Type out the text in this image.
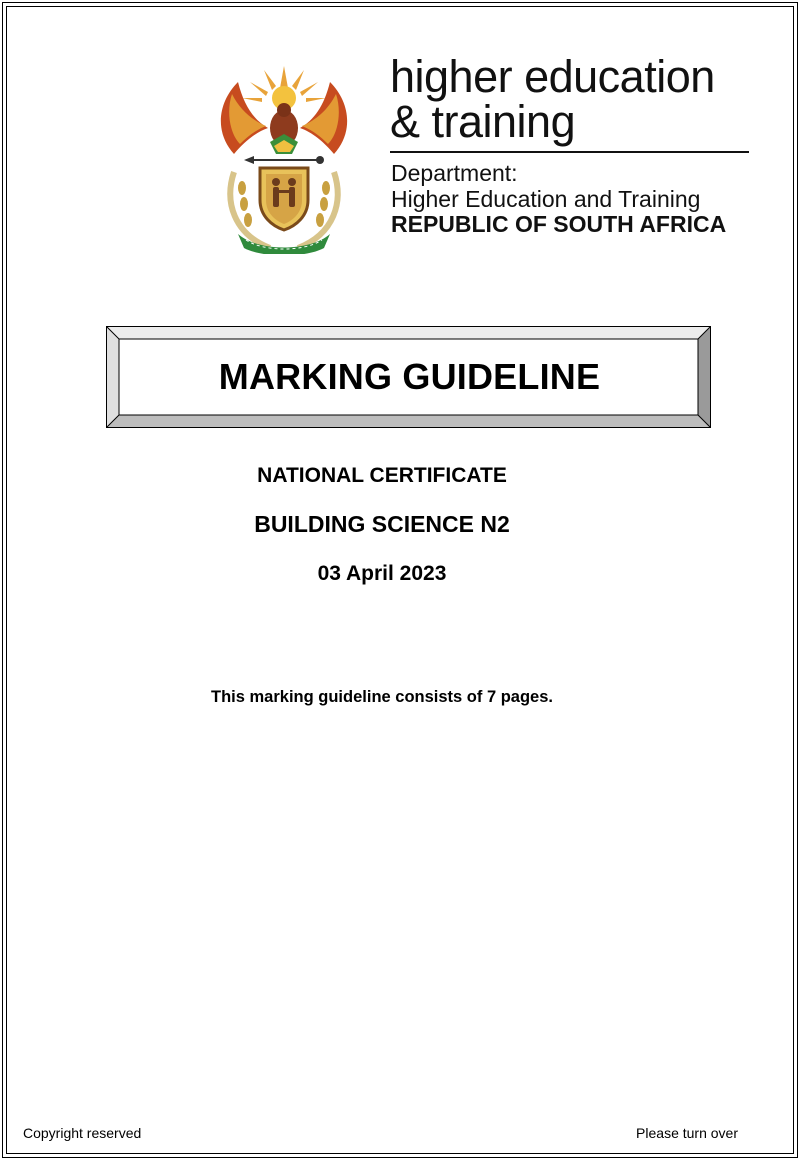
higher education
& training
Department:
Higher Education and Training
REPUBLIC OF SOUTH AFRICA
MARKING GUIDELINE
NATIONAL CERTIFICATE
BUILDING SCIENCE N2
03 April 2023
This marking guideline consists of 7 pages.
Copyright reserved	Please turn over
